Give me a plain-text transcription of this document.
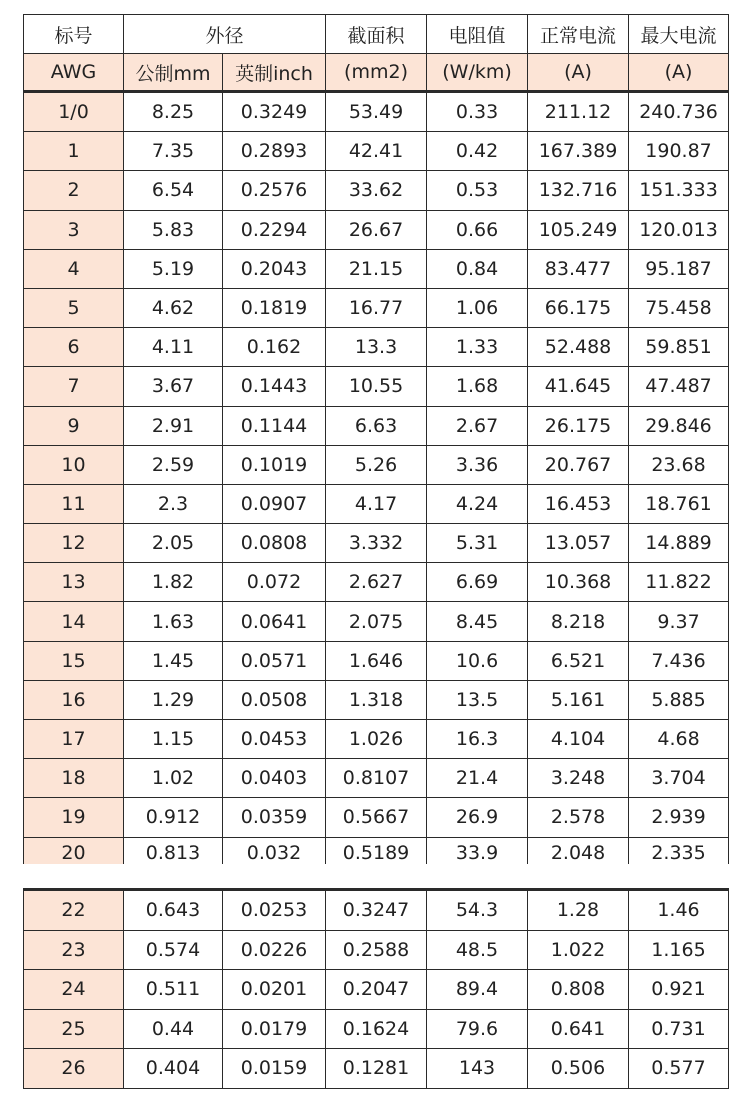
标号	外径		截面积	电阻值	正常电流	最大电流
AWG	公制mm	英制inch	(mm2)	(W/km)	(A)	(A)
1/0	8.25	0.3249	53.49	0.33	211.12	240.736
1	7.35	0.2893	42.41	0.42	167.389	190.87
2	6.54	0.2576	33.62	0.53	132.716	151.333
3	5.83	0.2294	26.67	0.66	105.249	120.013
4	5.19	0.2043	21.15	0.84	83.477	95.187
5	4.62	0.1819	16.77	1.06	66.175	75.458
6	4.11	0.162	13.3	1.33	52.488	59.851
7	3.67	0.1443	10.55	1.68	41.645	47.487
9	2.91	0.1144	6.63	2.67	26.175	29.846
10	2.59	0.1019	5.26	3.36	20.767	23.68
11	2.3	0.0907	4.17	4.24	16.453	18.761
12	2.05	0.0808	3.332	5.31	13.057	14.889
13	1.82	0.072	2.627	6.69	10.368	11.822
14	1.63	0.0641	2.075	8.45	8.218	9.37
15	1.45	0.0571	1.646	10.6	6.521	7.436
16	1.29	0.0508	1.318	13.5	5.161	5.885
17	1.15	0.0453	1.026	16.3	4.104	4.68
18	1.02	0.0403	0.8107	21.4	3.248	3.704
19	0.912	0.0359	0.5667	26.9	2.578	2.939
20	0.813	0.032	0.5189	33.9	2.048	2.335
22	0.643	0.0253	0.3247	54.3	1.28	1.46
23	0.574	0.0226	0.2588	48.5	1.022	1.165
24	0.511	0.0201	0.2047	89.4	0.808	0.921
25	0.44	0.0179	0.1624	79.6	0.641	0.731
26	0.404	0.0159	0.1281	143	0.506	0.577
